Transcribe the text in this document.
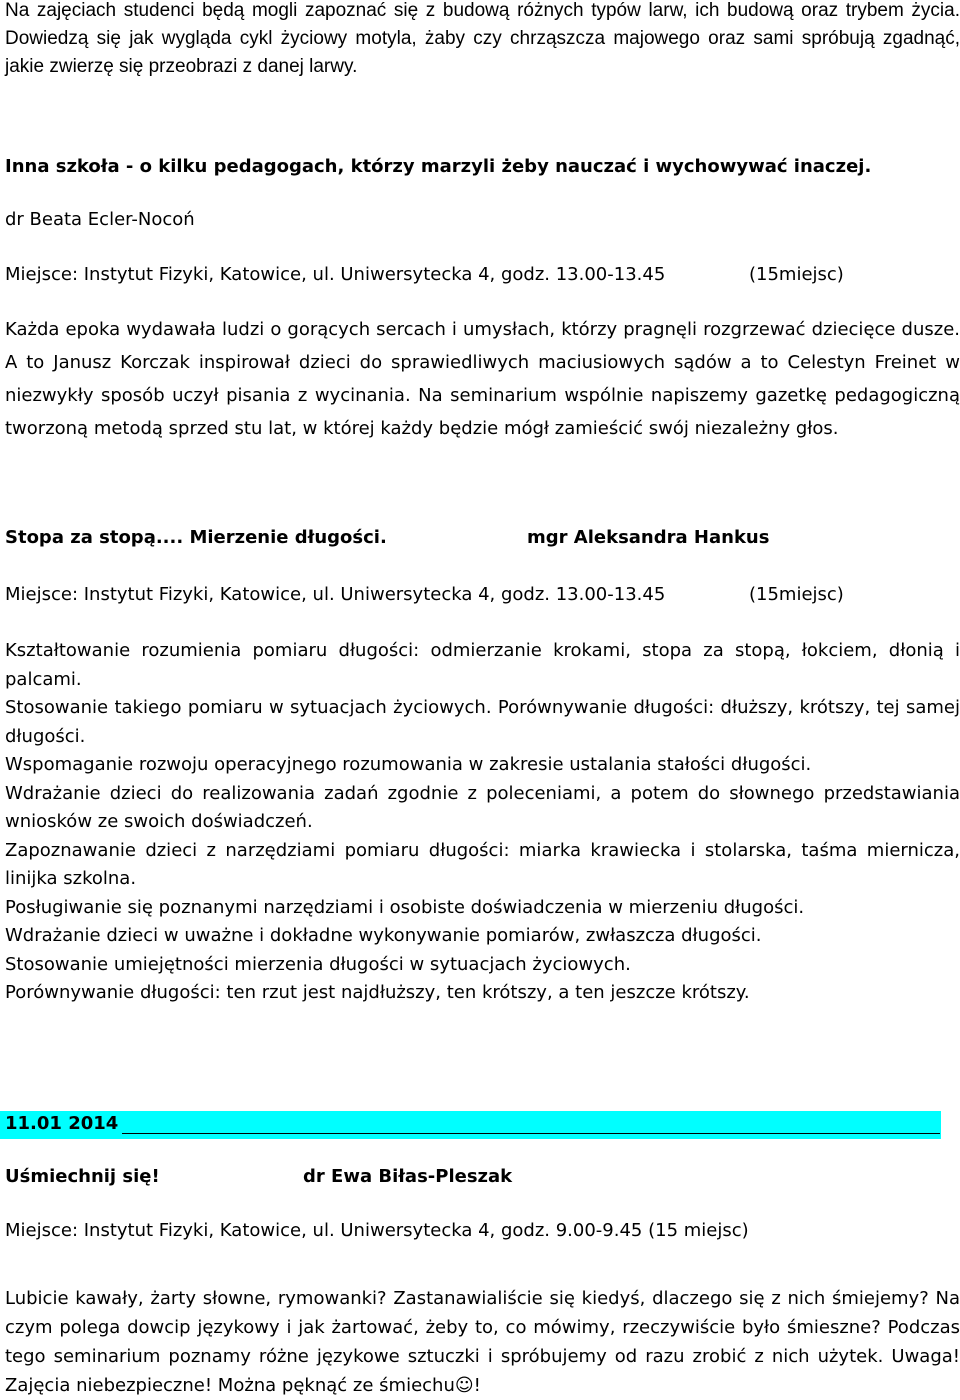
Na zajęciach studenci będą mogli zapoznać się z budową różnych typów larw, ich budową oraz trybem życia. Dowiedzą się jak wygląda cykl życiowy motyla, żaby czy chrząszcza majowego oraz sami spróbują zgadnąć, jakie zwierzę się przeobrazi z danej larwy.
Inna szkoła - o kilku pedagogach, którzy marzyli żeby nauczać i wychowywać inaczej.
dr Beata Ecler-Nocoń
Miejsce: Instytut Fizyki, Katowice, ul. Uniwersytecka 4, godz. 13.00-13.45	(15miejsc)
Każda epoka wydawała ludzi o gorących sercach i umysłach, którzy pragnęli rozgrzewać dziecięce dusze. A to Janusz Korczak inspirował dzieci do sprawiedliwych maciusiowych sądów a to Celestyn Freinet w niezwykły sposób uczył pisania z wycinania. Na seminarium wspólnie napiszemy gazetkę pedagogiczną tworzoną metodą sprzed stu lat, w której każdy będzie mógł zamieścić swój niezależny głos.
Stopa za stopą.... Mierzenie długości.	mgr Aleksandra Hankus
Miejsce: Instytut Fizyki, Katowice, ul. Uniwersytecka 4, godz. 13.00-13.45	(15miejsc)
Kształtowanie rozumienia pomiaru długości: odmierzanie krokami, stopa za stopą, łokciem, dłonią i palcami.
Stosowanie takiego pomiaru w sytuacjach życiowych. Porównywanie długości: dłuższy, krótszy, tej samej długości.
Wspomaganie rozwoju operacyjnego rozumowania w zakresie ustalania stałości długości.
Wdrażanie dzieci do realizowania zadań zgodnie z poleceniami, a potem do słownego przedstawiania wniosków ze swoich doświadczeń.
Zapoznawanie dzieci z narzędziami pomiaru długości: miarka krawiecka i stolarska, taśma miernicza, linijka szkolna.
Posługiwanie się poznanymi narzędziami i osobiste doświadczenia w mierzeniu długości.
Wdrażanie dzieci w uważne i dokładne wykonywanie pomiarów, zwłaszcza długości.
Stosowanie umiejętności mierzenia długości w sytuacjach życiowych.
Porównywanie długości: ten rzut jest najdłuższy, ten krótszy, a ten jeszcze krótszy.
11.01 2014
Uśmiechnij się!	dr Ewa Biłas-Pleszak
Miejsce: Instytut Fizyki, Katowice, ul. Uniwersytecka 4, godz. 9.00-9.45 (15 miejsc)
Lubicie kawały, żarty słowne, rymowanki? Zastanawialiście się kiedyś, dlaczego się z nich śmiejemy? Na czym polega dowcip językowy i jak żartować, żeby to, co mówimy, rzeczywiście było śmieszne? Podczas tego seminarium poznamy różne językowe sztuczki i spróbujemy od razu zrobić z nich użytek. Uwaga! Zajęcia niebezpieczne! Można pęknąć ze śmiechu☺!
